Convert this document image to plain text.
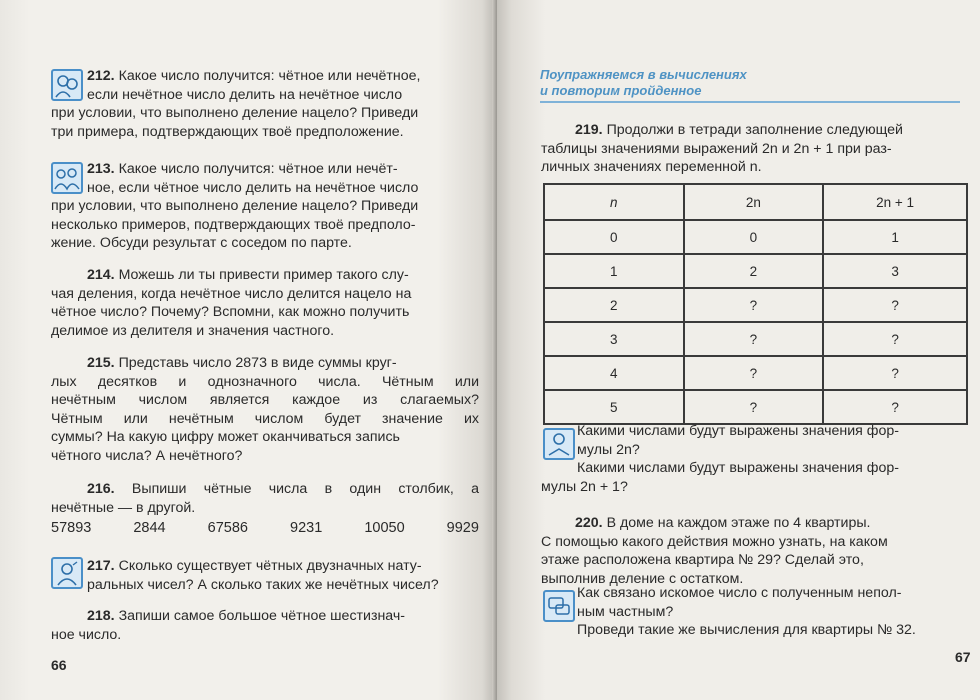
212. Какое число получится: чётное или нечётное,

если нечётное число делить на нечётное число

при условии, что выполнено деление нацело? Приведи

три примера, подтверждающих твоё предположение.

213. Какое число получится: чётное или нечёт-

ное, если чётное число делить на нечётное число

при условии, что выполнено деление нацело? Приведи

несколько примеров, подтверждающих твоё предполо-

жение. Обсуди результат с соседом по парте.

214. Можешь ли ты привести пример такого слу-

чая деления, когда нечётное число делится нацело на

чётное число? Почему? Вспомни, как можно получить

делимое из делителя и значения частного.

215. Представь число 2873 в виде суммы круг-

лых десятков и однозначного числа. Чётным или

нечётным числом является каждое из слагаемых?

Чётным или нечётным числом будет значение их

суммы? На какую цифру может оканчиваться запись

чётного числа? А нечётного?

216. Выпиши чётные числа в один столбик, а

нечётные — в другой.

57893	2844	67586	9231	10050	9929

217. Сколько существует чётных двузначных нату-

ральных чисел? А сколько таких же нечётных чисел?

218. Запиши самое большое чётное шестизнач-

ное число.

66
Поупражняемся в вычислениях
и повторим пройденное

219. Продолжи в тетради заполнение следующей

таблицы значениями выражений 2n и 2n + 1 при раз-

личных значениях переменной n.

n	2n	2n + 1
0	0	1
1	2	3
2	?	?
3	?	?
4	?	?
5	?	?

Какими числами будут выражены значения фор-

мулы 2n?

Какими числами будут выражены значения фор-

мулы 2n + 1?

220. В доме на каждом этаже по 4 квартиры.

С помощью какого действия можно узнать, на каком

этаже расположена квартира № 29? Сделай это,

выполнив деление с остатком.

Как связано искомое число с полученным непол-

ным частным?

Проведи такие же вычисления для квартиры № 32.

67
